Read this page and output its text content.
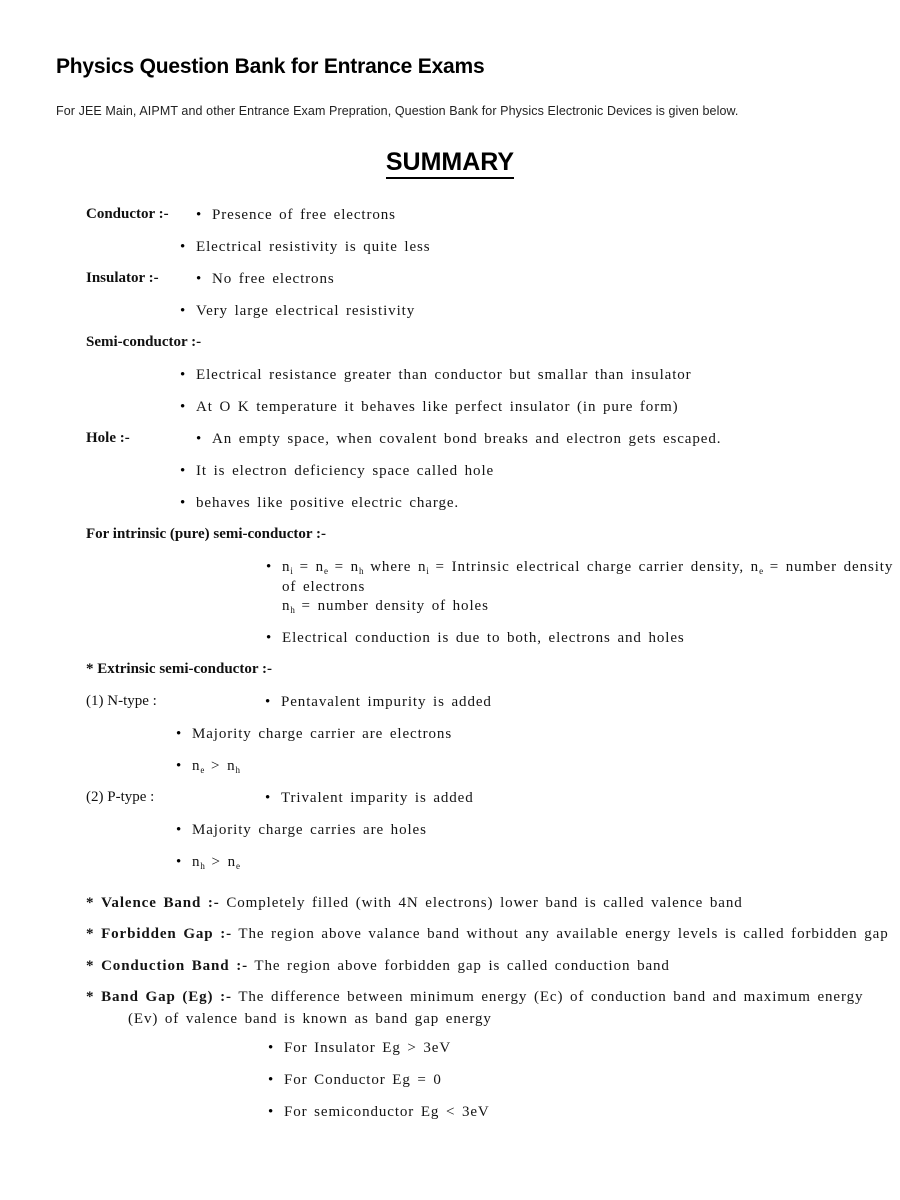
Physics Question Bank for Entrance Exams
For JEE Main, AIPMT and other Entrance Exam Prepration, Question Bank for Physics Electronic Devices is given below.
SUMMARY
Conductor :-	• Presence of free electrons
• Electrical resistivity is quite less
Insulator :-	• No free electrons
• Very large electrical resistivity
Semi-conductor :-
• Electrical resistance greater than conductor but smallar than insulator
• At O K temperature it behaves like perfect insulator (in pure form)
Hole :-	• An empty space, when covalent bond breaks and electron gets escaped.
• It is electron deficiency space called hole
• behaves like positive electric charge.
For intrinsic (pure) semi-conductor :-
• $n_i = n_e = n_h$ where $n_i$ = Intrinsic electrical charge carrier density, $n_e$ = number density of electrons
$n_h$ = number density of holes
• Electrical conduction is due to both, electrons and holes
* Extrinsic semi-conductor :-
(1) N-type :	• Pentavalent impurity is added
• Majority charge carrier are electrons
• $n_e > n_h$
(2) P-type :	• Trivalent imparity is added
• Majority charge carries are holes
• $n_h > n_e$
* Valence Band :- Completely filled (with 4N electrons) lower band is called valence band
* Forbidden Gap :- The region above valance band without any available energy levels is called forbidden gap
* Conduction Band :- The region above forbidden gap is called conduction band
* Band Gap (Eg) :- The difference between minimum energy (Ec) of conduction band and maximum energy
(Ev) of valence band is known as band gap energy
• For Insulator Eg > 3eV
• For Conductor Eg = 0
• For semiconductor Eg < 3eV
